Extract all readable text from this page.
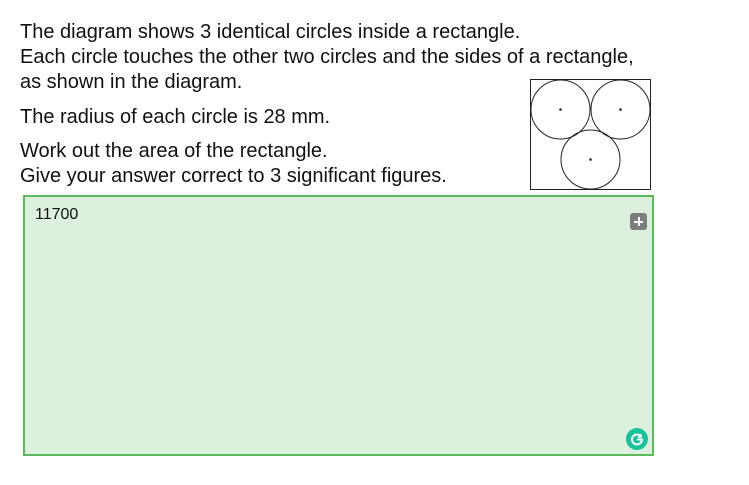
The diagram shows 3 identical circles inside a rectangle.
Each circle touches the other two circles and the sides of a rectangle,
as shown in the diagram.
The radius of each circle is 28 mm.
Work out the area of the rectangle.
Give your answer correct to 3 significant figures.
11700
